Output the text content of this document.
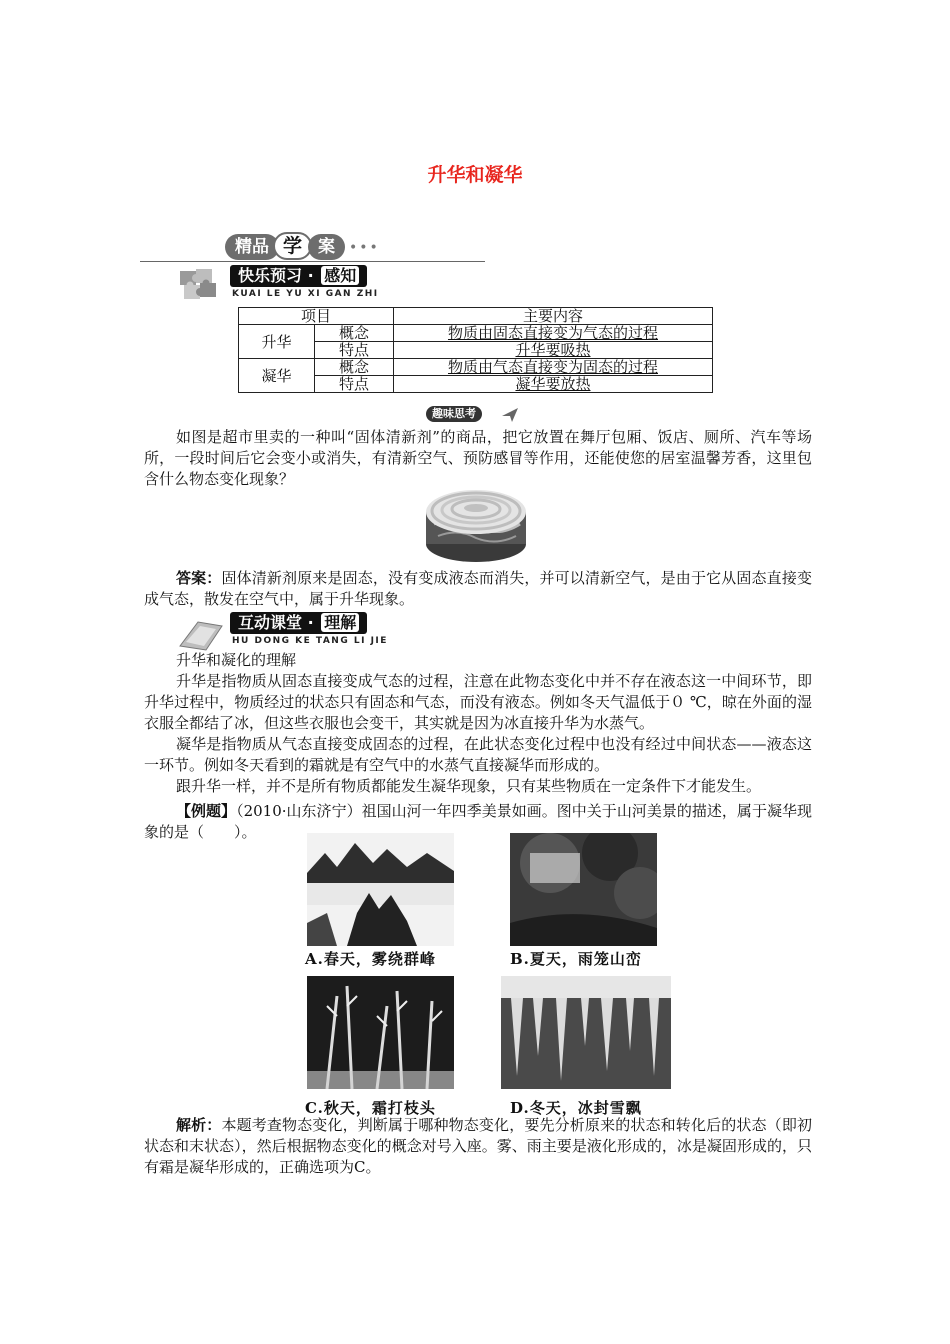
升华和凝华
精品 学 案 •••
快乐预习 · 感知
KUAI LE YU XI GAN ZHI
项目		主要内容
升华	概念	物质由固态直接变为气态的过程
	特点	升华要吸热
凝华	概念	物质由气态直接变为固态的过程
	特点	凝华要放热
趣味思考

如图是超市里卖的一种叫“固体清新剂”的商品，把它放置在舞厅包厢、饭店、厕所、汽车等场所，一段时间后它会变小或消失，有清新空气、预防感冒等作用，还能使您的居室温馨芳香，这里包含什么物态变化现象？

答案：固体清新剂原来是固态，没有变成液态而消失，并可以清新空气，是由于它从固态直接变成气态，散发在空气中，属于升华现象。

互动课堂 · 理解
HU DONG KE TANG LI JIE

升华和凝化的理解

升华是指物质从固态直接变成气态的过程，注意在此物态变化中并不存在液态这一中间环节，即升华过程中，物质经过的状态只有固态和气态，而没有液态。例如冬天气温低于０ ℃，晾在外面的湿衣服全都结了冰，但这些衣服也会变干，其实就是因为冰直接升华为水蒸气。

凝华是指物质从气态直接变成固态的过程，在此状态变化过程中也没有经过中间状态——液态这一环节。例如冬天看到的霜就是有空气中的水蒸气直接凝华而形成的。

跟升华一样，并不是所有物质都能发生凝华现象，只有某些物质在一定条件下才能发生。

【例题】（2010·山东济宁）祖国山河一年四季美景如画。图中关于山河美景的描述，属于凝华现象的是（　　）。

A.春天，雾绕群峰	B.夏天，雨笼山峦
C.秋天，霜打枝头	D.冬天，冰封雪飘

解析：本题考查物态变化，判断属于哪种物态变化，要先分析原来的状态和转化后的状态（即初状态和末状态），然后根据物态变化的概念对号入座。雾、雨主要是液化形成的，冰是凝固形成的，只有霜是凝华形成的，正确选项为C。
